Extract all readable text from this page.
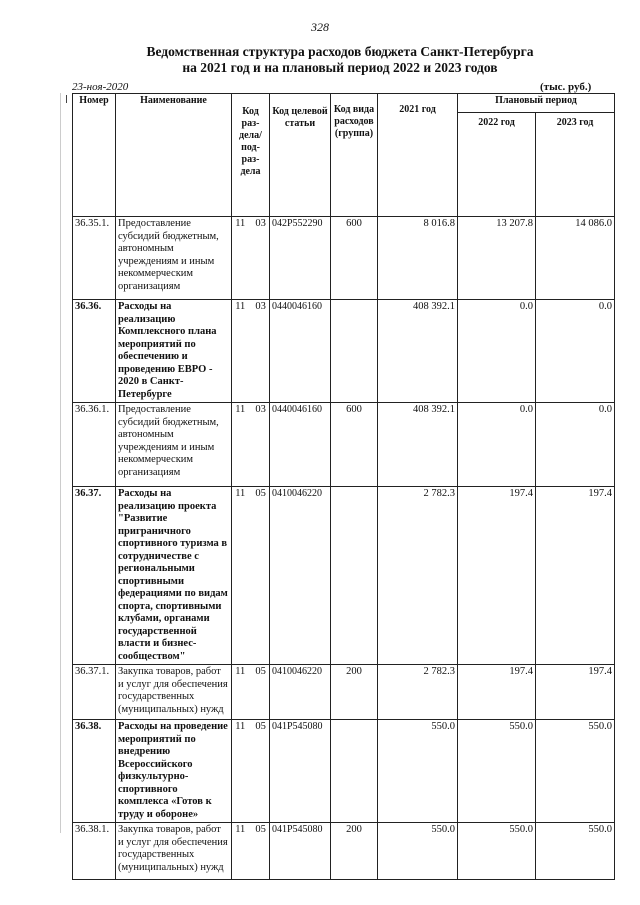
328
Ведомственная структура расходов бюджета Санкт-Петербурга
на 2021 год и на плановый период 2022 и 2023 годов
23-ноя-2020	(тыс. руб.)
Номер	Наименование	Код раз-дела/ под-раз-дела	Код целевой статьи	Код вида расходов (группа)	2021 год	Плановый период	
						2022 год	2023 год
36.35.1.	Предоставление субсидий бюджетным, автономным учреждениям и иным некоммерческим организациям	11 03	042P552290	600	8 016.8	13 207.8	14 086.0
36.36.	Расходы на реализацию Комплексного плана мероприятий по обеспечению и проведению ЕВРО - 2020 в Санкт-Петербурге	11 03	0440046160		408 392.1	0.0	0.0
36.36.1.	Предоставление субсидий бюджетным, автономным учреждениям и иным некоммерческим организациям	11 03	0440046160	600	408 392.1	0.0	0.0
36.37.	Расходы на реализацию проекта "Развитие приграничного спортивного туризма в сотрудничестве с региональными спортивными федерациями по видам спорта, спортивными клубами, органами государственной власти и бизнес-сообществом"	11 05	0410046220		2 782.3	197.4	197.4
36.37.1.	Закупка товаров, работ и услуг для обеспечения государственных (муниципальных) нужд	11 05	0410046220	200	2 782.3	197.4	197.4
36.38.	Расходы на проведение мероприятий по внедрению Всероссийского физкультурно-спортивного комплекса «Готов к труду и обороне»	11 05	041P545080		550.0	550.0	550.0
36.38.1.	Закупка товаров, работ и услуг для обеспечения государственных (муниципальных) нужд	11 05	041P545080	200	550.0	550.0	550.0
